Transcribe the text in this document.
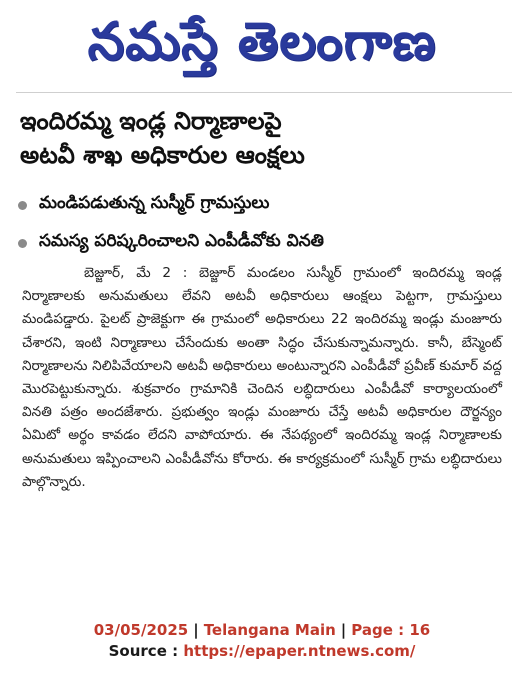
నమస్తే తెలంగాణ
ఇందిరమ్మ ఇండ్ల నిర్మాణాలపై
అటవీ శాఖ అధికారుల ఆంక్షలు
మండిపడుతున్న సుస్మీర్ గ్రామస్తులు
సమస్య పరిష్కరించాలని ఎంపీడీవోకు వినతి
బెజ్జూర్, మే 2 : బెజ్జూర్ మండలం సుస్మీర్ గ్రామంలో ఇందిరమ్మ ఇండ్ల నిర్మాణాలకు అనుమతులు లేవని అటవీ అధికారులు ఆంక్షలు పెట్టగా, గ్రామస్తులు మండిపడ్డారు. పైలట్ ప్రాజెక్టుగా ఈ గ్రామంలో అధికారులు 22 ఇందిరమ్మ ఇండ్లు మంజూరు చేశారని, ఇంటి నిర్మాణాలు చేసేందుకు అంతా సిద్ధం చేసుకున్నామన్నారు. కానీ, బేస్మెంట్ నిర్మాణాలను నిలిపివేయాలని అటవీ అధికారులు అంటున్నారని ఎంపీడీవో ప్రవీణ్ కుమార్ వద్ద మొరపెట్టుకున్నారు. శుక్రవారం గ్రామానికి చెందిన లబ్ధిదారులు ఎంపీడీవో కార్యాలయంలో వినతి పత్రం అందజేశారు. ప్రభుత్వం ఇండ్లు మంజూరు చేస్తే అటవీ అధికారుల దౌర్జన్యం ఏమిటో అర్థం కావడం లేదని వాపోయారు. ఈ నేపథ్యంలో ఇందిరమ్మ ఇండ్ల నిర్మాణాలకు అనుమతులు ఇప్పించాలని ఎంపీడీవోను కోరారు. ఈ కార్యక్రమంలో సుస్మీర్ గ్రామ లబ్ధిదారులు పాల్గొన్నారు.
03/05/2025 | Telangana Main | Page : 16
Source : https://epaper.ntnews.com/
